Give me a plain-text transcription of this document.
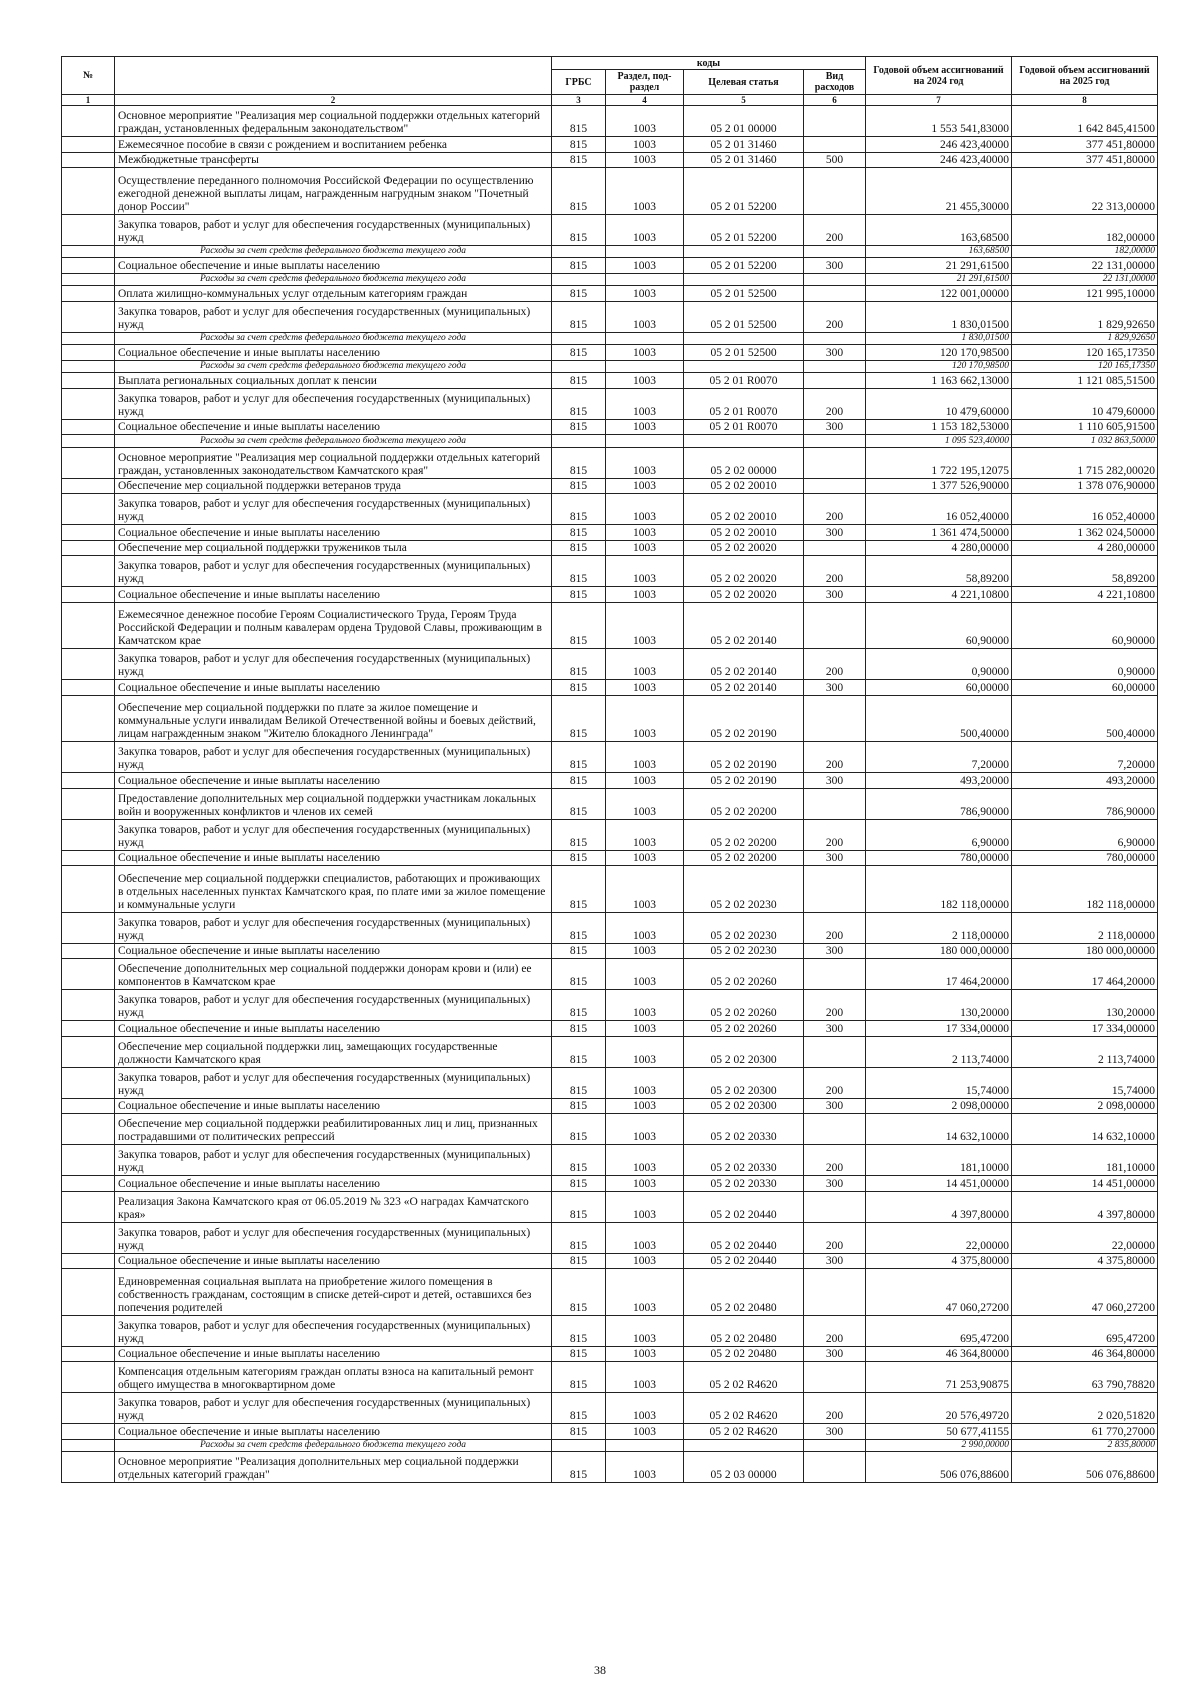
№		коды				Годовой объем ассигнований на 2024 год	Годовой объем ассигнований на 2025 год
		ГРБС	Раздел, под-раздел	Целевая статья	Вид расходов		
1	2	3	4	5	6	7	8
	Основное мероприятие "Реализация мер социальной поддержки отдельных категорий граждан, установленных федеральным законодательством"	815	1003	05 2 01 00000		1 553 541,83000	1 642 845,41500
	Ежемесячное пособие в связи с рождением и воспитанием ребенка	815	1003	05 2 01 31460		246 423,40000	377 451,80000
	Межбюджетные трансферты	815	1003	05 2 01 31460	500	246 423,40000	377 451,80000
	Осуществление переданного полномочия Российской Федерации по осуществлению ежегодной денежной выплаты лицам, награжденным нагрудным знаком "Почетный донор России"	815	1003	05 2 01 52200		21 455,30000	22 313,00000
	Закупка товаров, работ и услуг для обеспечения государственных (муниципальных) нужд	815	1003	05 2 01 52200	200	163,68500	182,00000
	Расходы за счет средств федерального бюджета текущего года					163,68500	182,00000
	Социальное обеспечение и иные выплаты населению	815	1003	05 2 01 52200	300	21 291,61500	22 131,00000
	Расходы за счет средств федерального бюджета текущего года					21 291,61500	22 131,00000
	Оплата жилищно-коммунальных услуг отдельным категориям граждан	815	1003	05 2 01 52500		122 001,00000	121 995,10000
	Закупка товаров, работ и услуг для обеспечения государственных (муниципальных) нужд	815	1003	05 2 01 52500	200	1 830,01500	1 829,92650
	Расходы за счет средств федерального бюджета текущего года					1 830,01500	1 829,92650
	Социальное обеспечение и иные выплаты населению	815	1003	05 2 01 52500	300	120 170,98500	120 165,17350
	Расходы за счет средств федерального бюджета текущего года					120 170,98500	120 165,17350
	Выплата региональных социальных доплат к пенсии	815	1003	05 2 01 R0070		1 163 662,13000	1 121 085,51500
	Закупка товаров, работ и услуг для обеспечения государственных (муниципальных) нужд	815	1003	05 2 01 R0070	200	10 479,60000	10 479,60000
	Социальное обеспечение и иные выплаты населению	815	1003	05 2 01 R0070	300	1 153 182,53000	1 110 605,91500
	Расходы за счет средств федерального бюджета текущего года					1 095 523,40000	1 032 863,50000
	Основное мероприятие "Реализация мер социальной поддержки отдельных категорий граждан, установленных законодательством Камчатского края"	815	1003	05 2 02 00000		1 722 195,12075	1 715 282,00020
	Обеспечение мер социальной поддержки ветеранов труда	815	1003	05 2 02 20010		1 377 526,90000	1 378 076,90000
	Закупка товаров, работ и услуг для обеспечения государственных (муниципальных) нужд	815	1003	05 2 02 20010	200	16 052,40000	16 052,40000
	Социальное обеспечение и иные выплаты населению	815	1003	05 2 02 20010	300	1 361 474,50000	1 362 024,50000
	Обеспечение мер социальной поддержки тружеников тыла	815	1003	05 2 02 20020		4 280,00000	4 280,00000
	Закупка товаров, работ и услуг для обеспечения государственных (муниципальных) нужд	815	1003	05 2 02 20020	200	58,89200	58,89200
	Социальное обеспечение и иные выплаты населению	815	1003	05 2 02 20020	300	4 221,10800	4 221,10800
	Ежемесячное денежное пособие Героям Социалистического Труда, Героям Труда Российской Федерации и полным кавалерам ордена Трудовой Славы, проживающим в Камчатском крае	815	1003	05 2 02 20140		60,90000	60,90000
	Закупка товаров, работ и услуг для обеспечения государственных (муниципальных) нужд	815	1003	05 2 02 20140	200	0,90000	0,90000
	Социальное обеспечение и иные выплаты населению	815	1003	05 2 02 20140	300	60,00000	60,00000
	Обеспечение мер социальной поддержки по плате за жилое помещение и коммунальные услуги инвалидам Великой Отечественной войны и боевых действий, лицам награжденным знаком "Жителю блокадного Ленинграда"	815	1003	05 2 02 20190		500,40000	500,40000
	Закупка товаров, работ и услуг для обеспечения государственных (муниципальных) нужд	815	1003	05 2 02 20190	200	7,20000	7,20000
	Социальное обеспечение и иные выплаты населению	815	1003	05 2 02 20190	300	493,20000	493,20000
	Предоставление дополнительных мер социальной поддержки участникам локальных войн и вооруженных конфликтов и членов их семей	815	1003	05 2 02 20200		786,90000	786,90000
	Закупка товаров, работ и услуг для обеспечения государственных (муниципальных) нужд	815	1003	05 2 02 20200	200	6,90000	6,90000
	Социальное обеспечение и иные выплаты населению	815	1003	05 2 02 20200	300	780,00000	780,00000
	Обеспечение мер социальной поддержки специалистов, работающих и проживающих в отдельных населенных пунктах Камчатского края, по плате ими за жилое помещение и коммунальные услуги	815	1003	05 2 02 20230		182 118,00000	182 118,00000
	Закупка товаров, работ и услуг для обеспечения государственных (муниципальных) нужд	815	1003	05 2 02 20230	200	2 118,00000	2 118,00000
	Социальное обеспечение и иные выплаты населению	815	1003	05 2 02 20230	300	180 000,00000	180 000,00000
	Обеспечение дополнительных мер социальной поддержки донорам крови и (или) ее компонентов в Камчатском крае	815	1003	05 2 02 20260		17 464,20000	17 464,20000
	Закупка товаров, работ и услуг для обеспечения государственных (муниципальных) нужд	815	1003	05 2 02 20260	200	130,20000	130,20000
	Социальное обеспечение и иные выплаты населению	815	1003	05 2 02 20260	300	17 334,00000	17 334,00000
	Обеспечение мер социальной поддержки лиц, замещающих государственные должности Камчатского края	815	1003	05 2 02 20300		2 113,74000	2 113,74000
	Закупка товаров, работ и услуг для обеспечения государственных (муниципальных) нужд	815	1003	05 2 02 20300	200	15,74000	15,74000
	Социальное обеспечение и иные выплаты населению	815	1003	05 2 02 20300	300	2 098,00000	2 098,00000
	Обеспечение мер социальной поддержки реабилитированных лиц и лиц, признанных пострадавшими от политических репрессий	815	1003	05 2 02 20330		14 632,10000	14 632,10000
	Закупка товаров, работ и услуг для обеспечения государственных (муниципальных) нужд	815	1003	05 2 02 20330	200	181,10000	181,10000
	Социальное обеспечение и иные выплаты населению	815	1003	05 2 02 20330	300	14 451,00000	14 451,00000
	Реализация Закона Камчатского края от 06.05.2019 № 323 «О наградах Камчатского края»	815	1003	05 2 02 20440		4 397,80000	4 397,80000
	Закупка товаров, работ и услуг для обеспечения государственных (муниципальных) нужд	815	1003	05 2 02 20440	200	22,00000	22,00000
	Социальное обеспечение и иные выплаты населению	815	1003	05 2 02 20440	300	4 375,80000	4 375,80000
	Единовременная социальная выплата на приобретение жилого помещения в собственность гражданам, состоящим в списке детей-сирот и детей, оставшихся без попечения родителей	815	1003	05 2 02 20480		47 060,27200	47 060,27200
	Закупка товаров, работ и услуг для обеспечения государственных (муниципальных) нужд	815	1003	05 2 02 20480	200	695,47200	695,47200
	Социальное обеспечение и иные выплаты населению	815	1003	05 2 02 20480	300	46 364,80000	46 364,80000
	Компенсация отдельным категориям граждан оплаты взноса на капитальный ремонт общего имущества в многоквартирном доме	815	1003	05 2 02 R4620		71 253,90875	63 790,78820
	Закупка товаров, работ и услуг для обеспечения государственных (муниципальных) нужд	815	1003	05 2 02 R4620	200	20 576,49720	2 020,51820
	Социальное обеспечение и иные выплаты населению	815	1003	05 2 02 R4620	300	50 677,41155	61 770,27000
	Расходы за счет средств федерального бюджета текущего года					2 990,00000	2 835,80000
	Основное мероприятие "Реализация дополнительных мер социальной поддержки отдельных категорий граждан"	815	1003	05 2 03 00000		506 076,88600	506 076,88600
38
